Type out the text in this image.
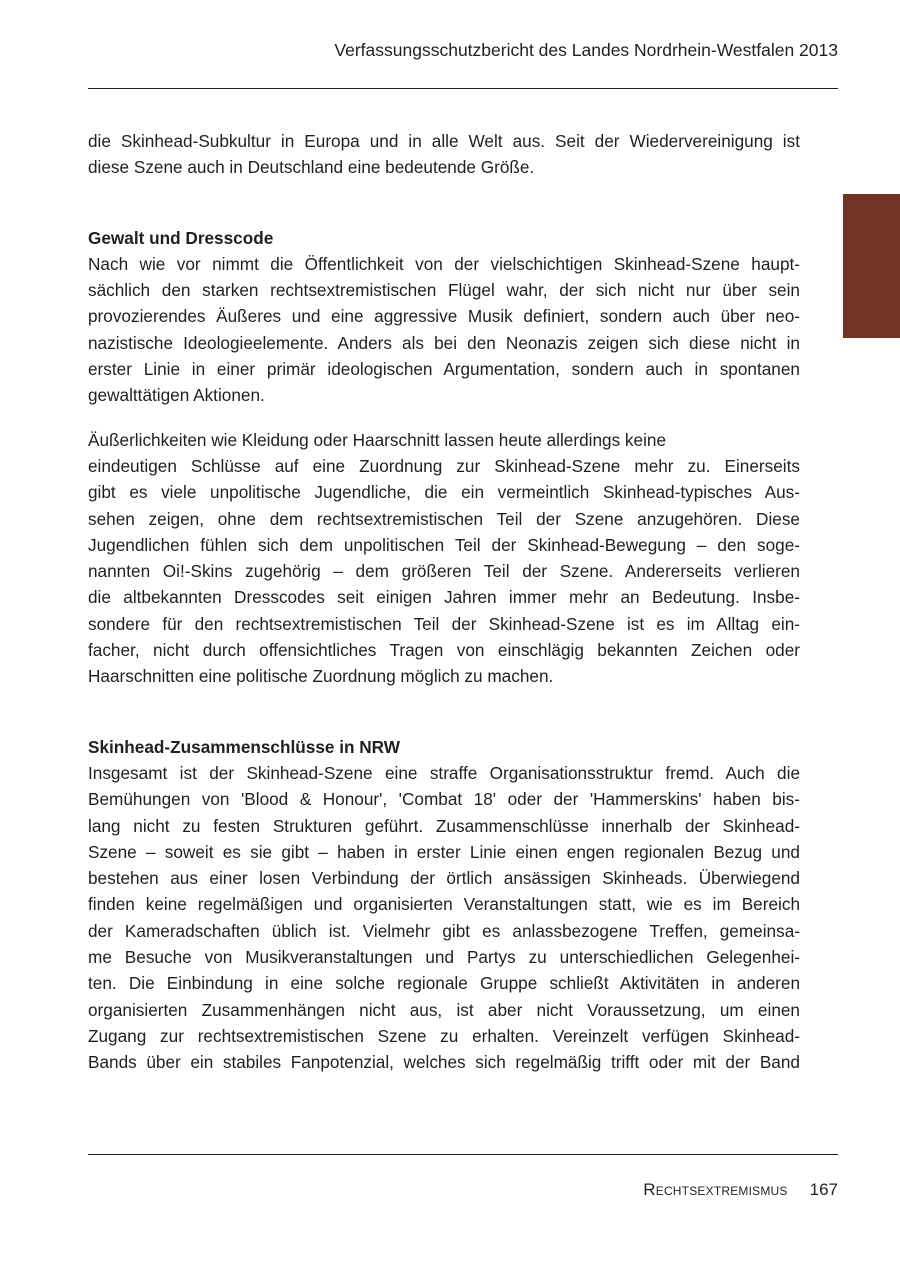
Verfassungsschutzbericht des Landes Nordrhein-Westfalen 2013

die Skinhead-Subkultur in Europa und in alle Welt aus. Seit der Wiedervereinigung ist
diese Szene auch in Deutschland eine bedeutende Größe.

Gewalt und Dresscode

Nach wie vor nimmt die Öffentlichkeit von der vielschichtigen Skinhead-Szene haupt-
sächlich den starken rechtsextremistischen Flügel wahr, der sich nicht nur über sein
provozierendes Äußeres und eine aggressive Musik definiert, sondern auch über neo-
nazistische Ideologieelemente. Anders als bei den Neonazis zeigen sich diese nicht in
erster Linie in einer primär ideologischen Argumentation, sondern auch in spontanen
gewalttätigen Aktionen.

Äußerlichkeiten wie Kleidung oder Haarschnitt lassen heute allerdings keine
eindeutigen Schlüsse auf eine Zuordnung zur Skinhead-Szene mehr zu. Einerseits
gibt es viele unpolitische Jugendliche, die ein vermeintlich Skinhead-typisches Aus-
sehen zeigen, ohne dem rechtsextremistischen Teil der Szene anzugehören. Diese
Jugendlichen fühlen sich dem unpolitischen Teil der Skinhead-Bewegung – den soge-
nannten Oi!-Skins zugehörig – dem größeren Teil der Szene. Andererseits verlieren
die altbekannten Dresscodes seit einigen Jahren immer mehr an Bedeutung. Insbe-
sondere für den rechtsextremistischen Teil der Skinhead-Szene ist es im Alltag ein-
facher, nicht durch offensichtliches Tragen von einschlägig bekannten Zeichen oder
Haarschnitten eine politische Zuordnung möglich zu machen.

Skinhead-Zusammenschlüsse in NRW

Insgesamt ist der Skinhead-Szene eine straffe Organisationsstruktur fremd. Auch die
Bemühungen von 'Blood & Honour', 'Combat 18' oder der 'Hammerskins' haben bis-
lang nicht zu festen Strukturen geführt. Zusammenschlüsse innerhalb der Skinhead-
Szene – soweit es sie gibt – haben in erster Linie einen engen regionalen Bezug und
bestehen aus einer losen Verbindung der örtlich ansässigen Skinheads. Überwiegend
finden keine regelmäßigen und organisierten Veranstaltungen statt, wie es im Bereich
der Kameradschaften üblich ist. Vielmehr gibt es anlassbezogene Treffen, gemeinsa-
me Besuche von Musikveranstaltungen und Partys zu unterschiedlichen Gelegenhei-
ten. Die Einbindung in eine solche regionale Gruppe schließt Aktivitäten in anderen
organisierten Zusammenhängen nicht aus, ist aber nicht Voraussetzung, um einen
Zugang zur rechtsextremistischen Szene zu erhalten. Vereinzelt verfügen Skinhead-
Bands über ein stabiles Fanpotenzial, welches sich regelmäßig trifft oder mit der Band

Rechtsextremismus 167
